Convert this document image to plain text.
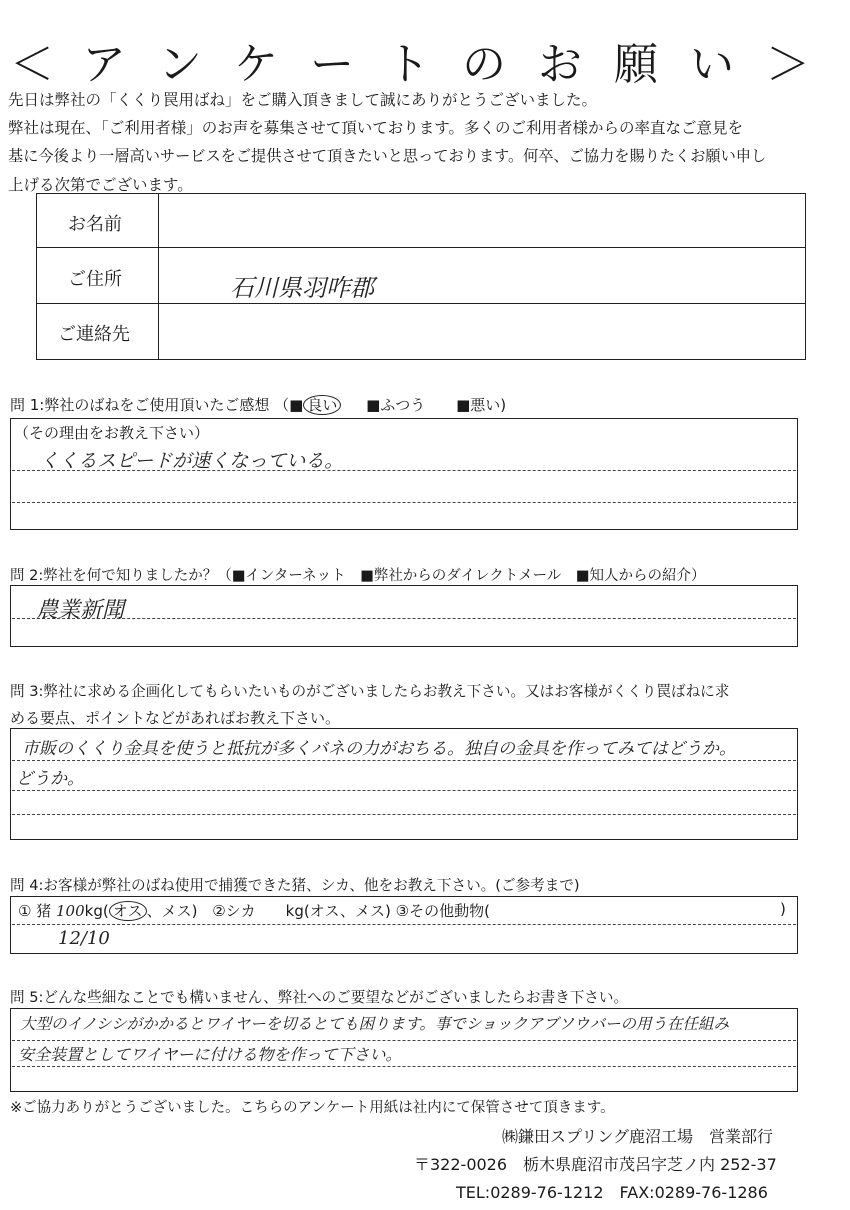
＜ ア ン ケ ー ト の お 願 い ＞
先日は弊社の「くくり罠用ばね」をご購入頂きまして誠にありがとうございました。
弊社は現在、「ご利用者様」のお声を募集させて頂いております。多くのご利用者様からの率直なご意見を
基に今後より一層高いサービスをご提供させて頂きたいと思っております。何卒、ご協力を賜りたくお願い申し
上げる次第でございます。
お名前
ご住所	石川県羽咋郡
ご連絡先
問 1:弊社のばねをご使用頂いたご感想 （■ 良い ■ふつう ■悪い)
（その理由をお教え下さい）
くくるスピードが速くなっている。
問 2:弊社を何で知りましたか？（■インターネット　■弊社からのダイレクトメール　■知人からの紹介）
農業新聞
問 3:弊社に求める企画化してもらいたいものがございましたらお教え下さい。又はお客様がくくり罠ばねに求
める要点、ポイントなどがあればお教え下さい。
市販のくくり金具を使うと抵抗が多くバネの力がおちる。独自の金具を作ってみてはどうか。
どうか。
問 4:お客様が弊社のばね使用で捕獲できた猪、シカ、他をお教え下さい。(ご参考まで)
① 猪 100kg( オス 、メス) ②シカ　　kg(オス、メス) ③その他動物(	)
12/10
問 5:どんな些細なことでも構いません、弊社へのご要望などがございましたらお書き下さい。
大型のイノシシがかかるとワイヤーを切るとても困ります。事でショックアブソウバーの用う在任組み
安全装置としてワイヤーに付ける物を作って下さい。
※ご協力ありがとうございました。こちらのアンケート用紙は社内にて保管させて頂きます。
㈱鎌田スプリング鹿沼工場　営業部行
〒322-0026　栃木県鹿沼市茂呂字芝ノ内 252-37
TEL:0289-76-1212　FAX:0289-76-1286
